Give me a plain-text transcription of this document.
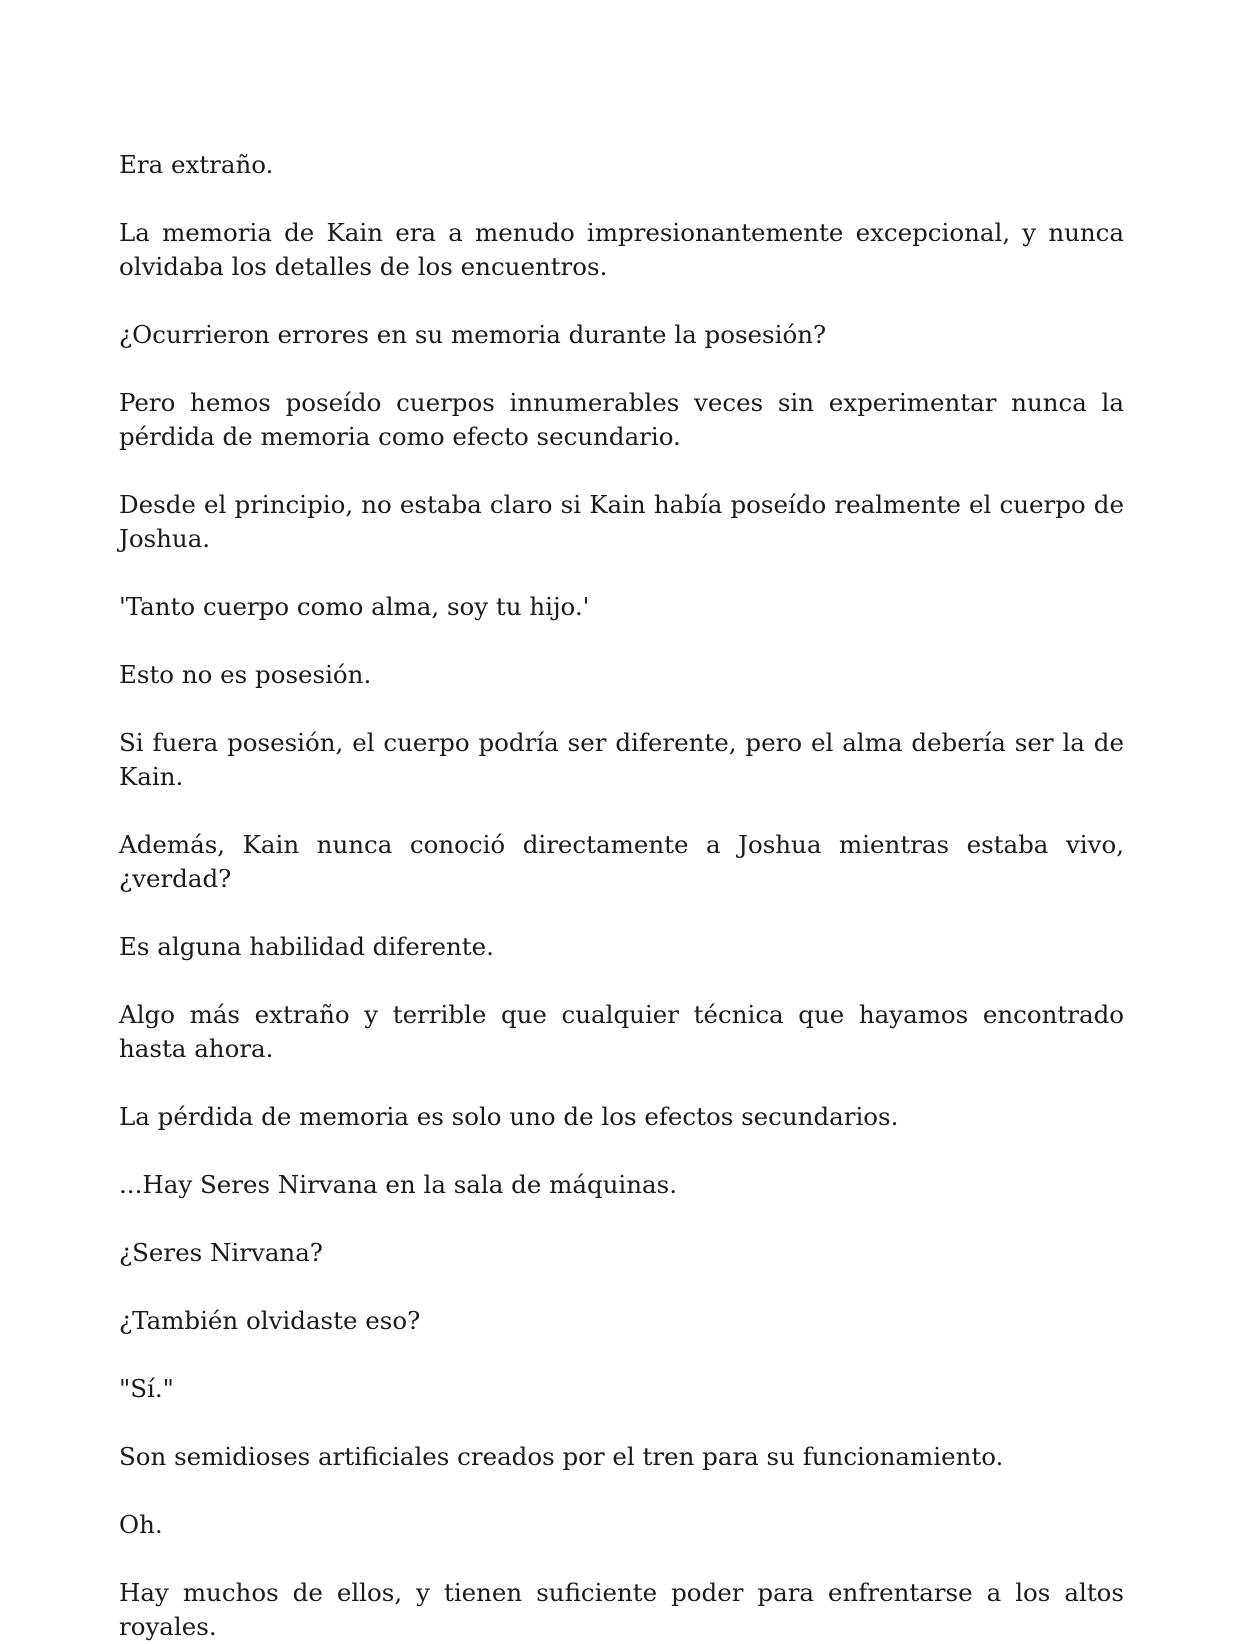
Era extraño.

La memoria de Kain era a menudo impresionantemente excepcional, y nunca olvidaba los detalles de los encuentros.

¿Ocurrieron errores en su memoria durante la posesión?

Pero hemos poseído cuerpos innumerables veces sin experimentar nunca la pérdida de memoria como efecto secundario.

Desde el principio, no estaba claro si Kain había poseído realmente el cuerpo de Joshua.

'Tanto cuerpo como alma, soy tu hijo.'

Esto no es posesión.

Si fuera posesión, el cuerpo podría ser diferente, pero el alma debería ser la de Kain.

Además, Kain nunca conoció directamente a Joshua mientras estaba vivo, ¿verdad?

Es alguna habilidad diferente.

Algo más extraño y terrible que cualquier técnica que hayamos encontrado hasta ahora.

La pérdida de memoria es solo uno de los efectos secundarios.

...Hay Seres Nirvana en la sala de máquinas.

¿Seres Nirvana?

¿También olvidaste eso?

"Sí."

Son semidioses artificiales creados por el tren para su funcionamiento.

Oh.

Hay muchos de ellos, y tienen suficiente poder para enfrentarse a los altos royales.
